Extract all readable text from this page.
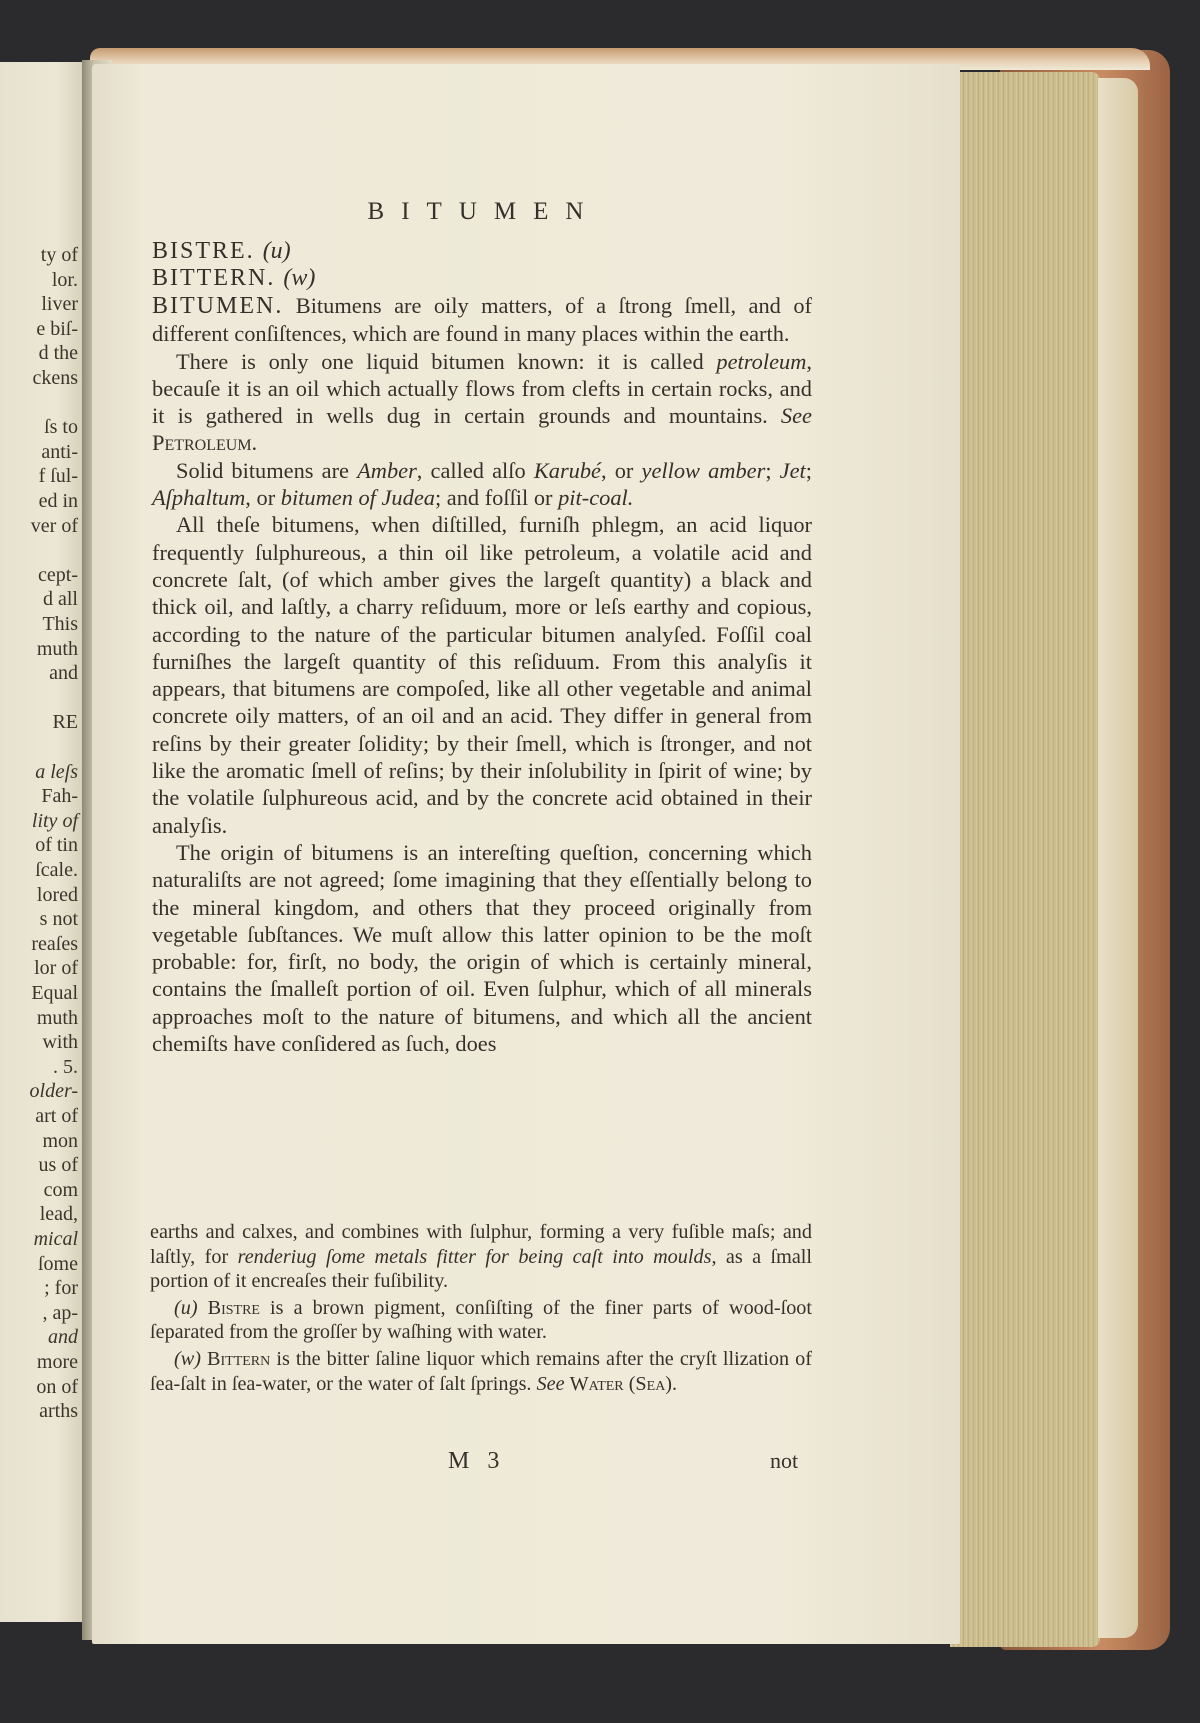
ty of
lor.
liver
e biſ-
d the
ckens
ſs to
anti-
f ſul-
ed in
ver of
cept-
d all
This
muth
and
RE
a leſs
Fah-
lity of
of tin
ſcale.
lored
s not
reaſes
lor of
Equal
muth
with
. 5.
older-
art of
mon
us of
com
lead,
mical
ſome
; for
, ap-
and
more
on of
arths
BITUMEN
BISTRE. (u)
BITTERN. (w)

BITUMEN. Bitumens are oily matters, of a ſtrong ſmell, and of different conſiſtences, which are found in many places within the earth.

There is only one liquid bitumen known: it is called petroleum, becauſe it is an oil which actually flows from clefts in certain rocks, and it is gathered in wells dug in certain grounds and mountains. See Petroleum.

Solid bitumens are Amber, called alſo Karubé, or yellow amber; Jet; Aſphaltum, or bitumen of Judea; and foſſil or pit-coal.

All theſe bitumens, when diſtilled, furniſh phlegm, an acid liquor frequently ſulphureous, a thin oil like petroleum, a volatile acid and concrete ſalt, (of which amber gives the largeſt quantity) a black and thick oil, and laſtly, a charry reſiduum, more or leſs earthy and copious, according to the nature of the particular bitumen analyſed. Foſſil coal furniſhes the largeſt quantity of this reſiduum. From this analyſis it appears, that bitumens are compoſed, like all other vegetable and animal concrete oily matters, of an oil and an acid. They differ in general from reſins by their greater ſolidity; by their ſmell, which is ſtronger, and not like the aromatic ſmell of reſins; by their inſolubility in ſpirit of wine; by the volatile ſulphureous acid, and by the concrete acid obtained in their analyſis.

The origin of bitumens is an intereſting queſtion, concerning which naturaliſts are not agreed; ſome imagining that they eſſentially belong to the mineral kingdom, and others that they proceed originally from vegetable ſubſtances. We muſt allow this latter opinion to be the moſt probable: for, firſt, no body, the origin of which is certainly mineral, contains the ſmalleſt portion of oil. Even ſulphur, which of all minerals approaches moſt to the nature of bitumens, and which all the ancient chemiſts have conſidered as ſuch, does

earths and calxes, and combines with ſulphur, forming a very fuſible maſs; and laſtly, for renderiug ſome metals fitter for being caſt into moulds, as a ſmall portion of it encreaſes their fuſibility.

(u) Bistre is a brown pigment, conſiſting of the finer parts of wood-ſoot ſeparated from the groſſer by waſhing with water.

(w) Bittern is the bitter ſaline liquor which remains after the cryſt llization of ſea-ſalt in ſea-water, or the water of ſalt ſprings. See Water (Sea).

M 3	not
